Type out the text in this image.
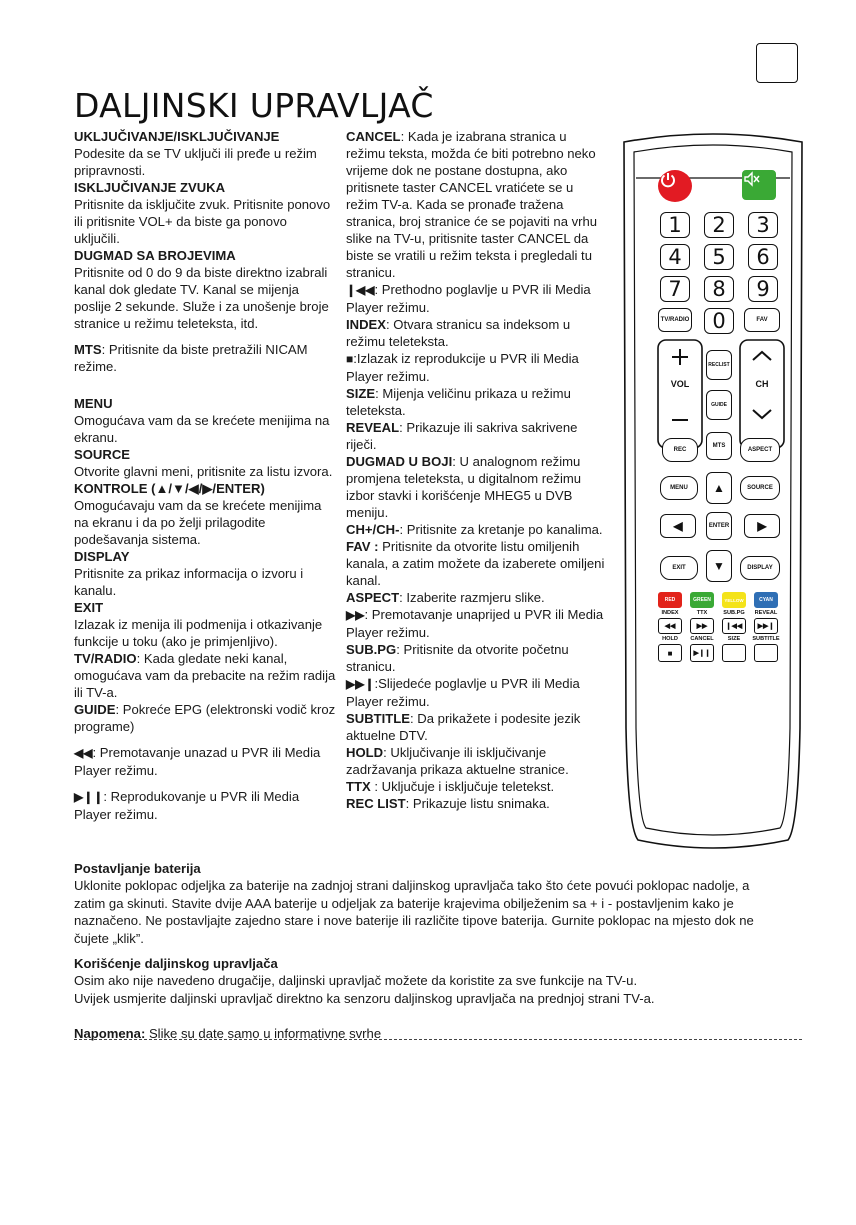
DALJINSKI UPRAVLJAČ

UKLJUČIVANJE/ISKLJUČIVANJE

Podesite da se TV uključi ili pređe u režim pripravnosti.

ISKLJUČIVANJE ZVUKA

Pritisnite da isključite zvuk. Pritisnite ponovo ili pritisnite VOL+ da biste ga ponovo uključili.

DUGMAD SA BROJEVIMA

Pritisnite od 0 do 9 da biste direktno izabrali kanal dok gledate TV. Kanal se mijenja poslije 2 sekunde. Služe i za unošenje broje stranice u režimu teleteksta, itd.

MTS: Pritisnite da biste pretražili NICAM režime.

MENU

Omogućava vam da se krećete menijima na ekranu.

SOURCE

Otvorite glavni meni, pritisnite za listu izvora.

KONTROLE (▲/▼/◀/▶/ENTER)

Omogućavaju vam da se krećete menijima na ekranu i da po želji prilagodite podešavanja sistema.

DISPLAY

Pritisnite za prikaz informacija o izvoru i kanalu.

EXIT

Izlazak iz menija ili podmenija i otkazivanje funkcije u toku (ako je primjenljivo).

TV/RADIO: Kada gledate neki kanal, omogućava vam da prebacite na režim radija ili TV-a.

GUIDE: Pokreće EPG (elektronski vodič kroz programe)

◀◀: Premotavanje unazad u PVR ili Media Player režimu.

▶❙❙: Reprodukovanje u PVR ili Media Player režimu.

CANCEL: Kada je izabrana stranica u režimu teksta, možda će biti potrebno neko vrijeme dok ne postane dostupna, ako pritisnete taster CANCEL vratićete se u režim TV-a. Kada se pronađe tražena stranica, broj stranice će se pojaviti na vrhu slike na TV-u, pritisnite taster CANCEL da biste se vratili u režim teksta i pregledali tu stranicu.

❙◀◀: Prethodno poglavlje u PVR ili Media Player režimu.

INDEX: Otvara stranicu sa indeksom u režimu teleteksta.

■:Izlazak iz reprodukcije u PVR ili Media Player režimu.

SIZE: Mijenja veličinu prikaza u režimu teleteksta.

REVEAL: Prikazuje ili sakriva sakrivene riječi.

DUGMAD U BOJI: U analognom režimu promjena teleteksta, u digitalnom režimu izbor stavki i korišćenje MHEG5 u DVB meniju.

CH+/CH-: Pritisnite za kretanje po kanalima.

FAV : Pritisnite da otvorite listu omiljenih kanala, a zatim možete da izaberete omiljeni kanal.

ASPECT: Izaberite razmjeru slike.

▶▶: Premotavanje unaprijed u PVR ili Media Player režimu.

SUB.PG: Pritisnite da otvorite početnu stranicu.

▶▶❙:Slijedeće poglavlje u PVR ili Media Player režimu.

SUBTITLE: Da prikažete i podesite jezik aktuelne DTV.

HOLD: Uključivanje ili isključivanje zadržavanja prikaza aktuelne stranice.

TTX : Uključuje i isključuje teletekst.

REC LIST: Prikazuje listu snimaka.

1	2	3
4	5	6
7	8	9
TV/RADIO	0	FAV
VOL	CH
RECLIST
GUIDE
REC
MTS
ASPECT
MENU	▲	SOURCE
◀	ENTER ▶
EXIT	▼	DISPLAY
RED	GREEN	YELLOW	CYAN
INDEX	TTX	SUB.PG	REVEAL
◀◀	▶▶	❙◀◀ ▶▶❙
HOLD	CANCEL	SIZE	SUBTITLE
■	▶❙❙

Postavljanje baterija

Uklonite poklopac odjeljka za baterije na zadnjoj strani daljinskog upravljača tako što ćete povući poklopac nadolje, a zatim ga skinuti. Stavite dvije AAA baterije u odjeljak za baterije krajevima obilježenim sa + i - postavljenim kako je naznačeno. Ne postavljajte zajedno stare i nove baterije ili različite tipove baterija. Gurnite poklopac na mjesto dok ne čujete „klik”.

Korišćenje daljinskog upravljača

Osim ako nije navedeno drugačije, daljinski upravljač možete da koristite za sve funkcije na TV-u.

Uvijek usmjerite daljinski upravljač direktno ka senzoru daljinskog upravljača na prednjoj strani TV-a.

Napomena: Slike su date samo u informativne svrhe
